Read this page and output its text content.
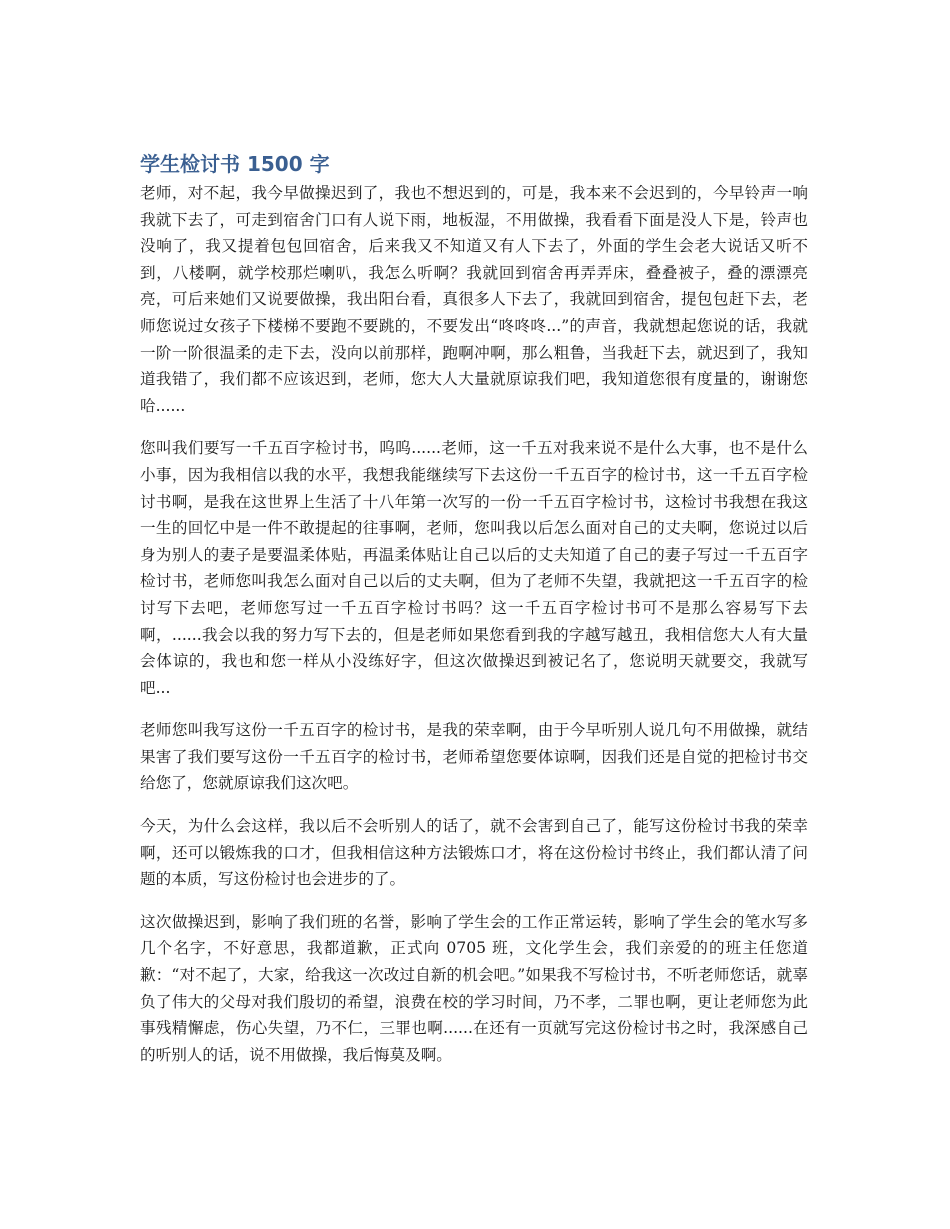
学生检讨书 1500 字

老师，对不起，我今早做操迟到了，我也不想迟到的，可是，我本来不会迟到的，今早铃声一响我就下去了，可走到宿舍门口有人说下雨，地板湿，不用做操，我看看下面是没人下是，铃声也没响了，我又提着包包回宿舍，后来我又不知道又有人下去了，外面的学生会老大说话又听不到，八楼啊，就学校那烂喇叭，我怎么听啊？我就回到宿舍再弄弄床，叠叠被子，叠的漂漂亮亮，可后来她们又说要做操，我出阳台看，真很多人下去了，我就回到宿舍，提包包赶下去，老师您说过女孩子下楼梯不要跑不要跳的，不要发出“咚咚咚...”的声音，我就想起您说的话，我就一阶一阶很温柔的走下去，没向以前那样，跑啊冲啊，那么粗鲁，当我赶下去，就迟到了，我知道我错了，我们都不应该迟到，老师，您大人大量就原谅我们吧，我知道您很有度量的，谢谢您哈......

您叫我们要写一千五百字检讨书，呜呜......老师，这一千五对我来说不是什么大事，也不是什么小事，因为我相信以我的水平，我想我能继续写下去这份一千五百字的检讨书，这一千五百字检讨书啊，是我在这世界上生活了十八年第一次写的一份一千五百字检讨书，这检讨书我想在我这一生的回忆中是一件不敢提起的往事啊，老师，您叫我以后怎么面对自己的丈夫啊，您说过以后身为别人的妻子是要温柔体贴，再温柔体贴让自己以后的丈夫知道了自己的妻子写过一千五百字检讨书，老师您叫我怎么面对自己以后的丈夫啊，但为了老师不失望，我就把这一千五百字的检讨写下去吧，老师您写过一千五百字检讨书吗？这一千五百字检讨书可不是那么容易写下去啊，......我会以我的努力写下去的，但是老师如果您看到我的字越写越丑，我相信您大人有大量会体谅的，我也和您一样从小没练好字，但这次做操迟到被记名了，您说明天就要交，我就写吧...

老师您叫我写这份一千五百字的检讨书，是我的荣幸啊，由于今早听别人说几句不用做操，就结果害了我们要写这份一千五百字的检讨书，老师希望您要体谅啊，因我们还是自觉的把检讨书交给您了，您就原谅我们这次吧。

今天，为什么会这样，我以后不会听别人的话了，就不会害到自己了，能写这份检讨书我的荣幸啊，还可以锻炼我的口才，但我相信这种方法锻炼口才，将在这份检讨书终止，我们都认清了问题的本质，写这份检讨也会进步的了。

这次做操迟到，影响了我们班的名誉，影响了学生会的工作正常运转，影响了学生会的笔水写多几个名字，不好意思，我都道歉，正式向 0705 班，文化学生会，我们亲爱的的班主任您道歉：“对不起了，大家，给我这一次改过自新的机会吧。”如果我不写检讨书，不听老师您话，就辜负了伟大的父母对我们殷切的希望，浪费在校的学习时间，乃不孝，二罪也啊，更让老师您为此事残精懈虑，伤心失望，乃不仁，三罪也啊......在还有一页就写完这份检讨书之时，我深感自己的听别人的话，说不用做操，我后悔莫及啊。
